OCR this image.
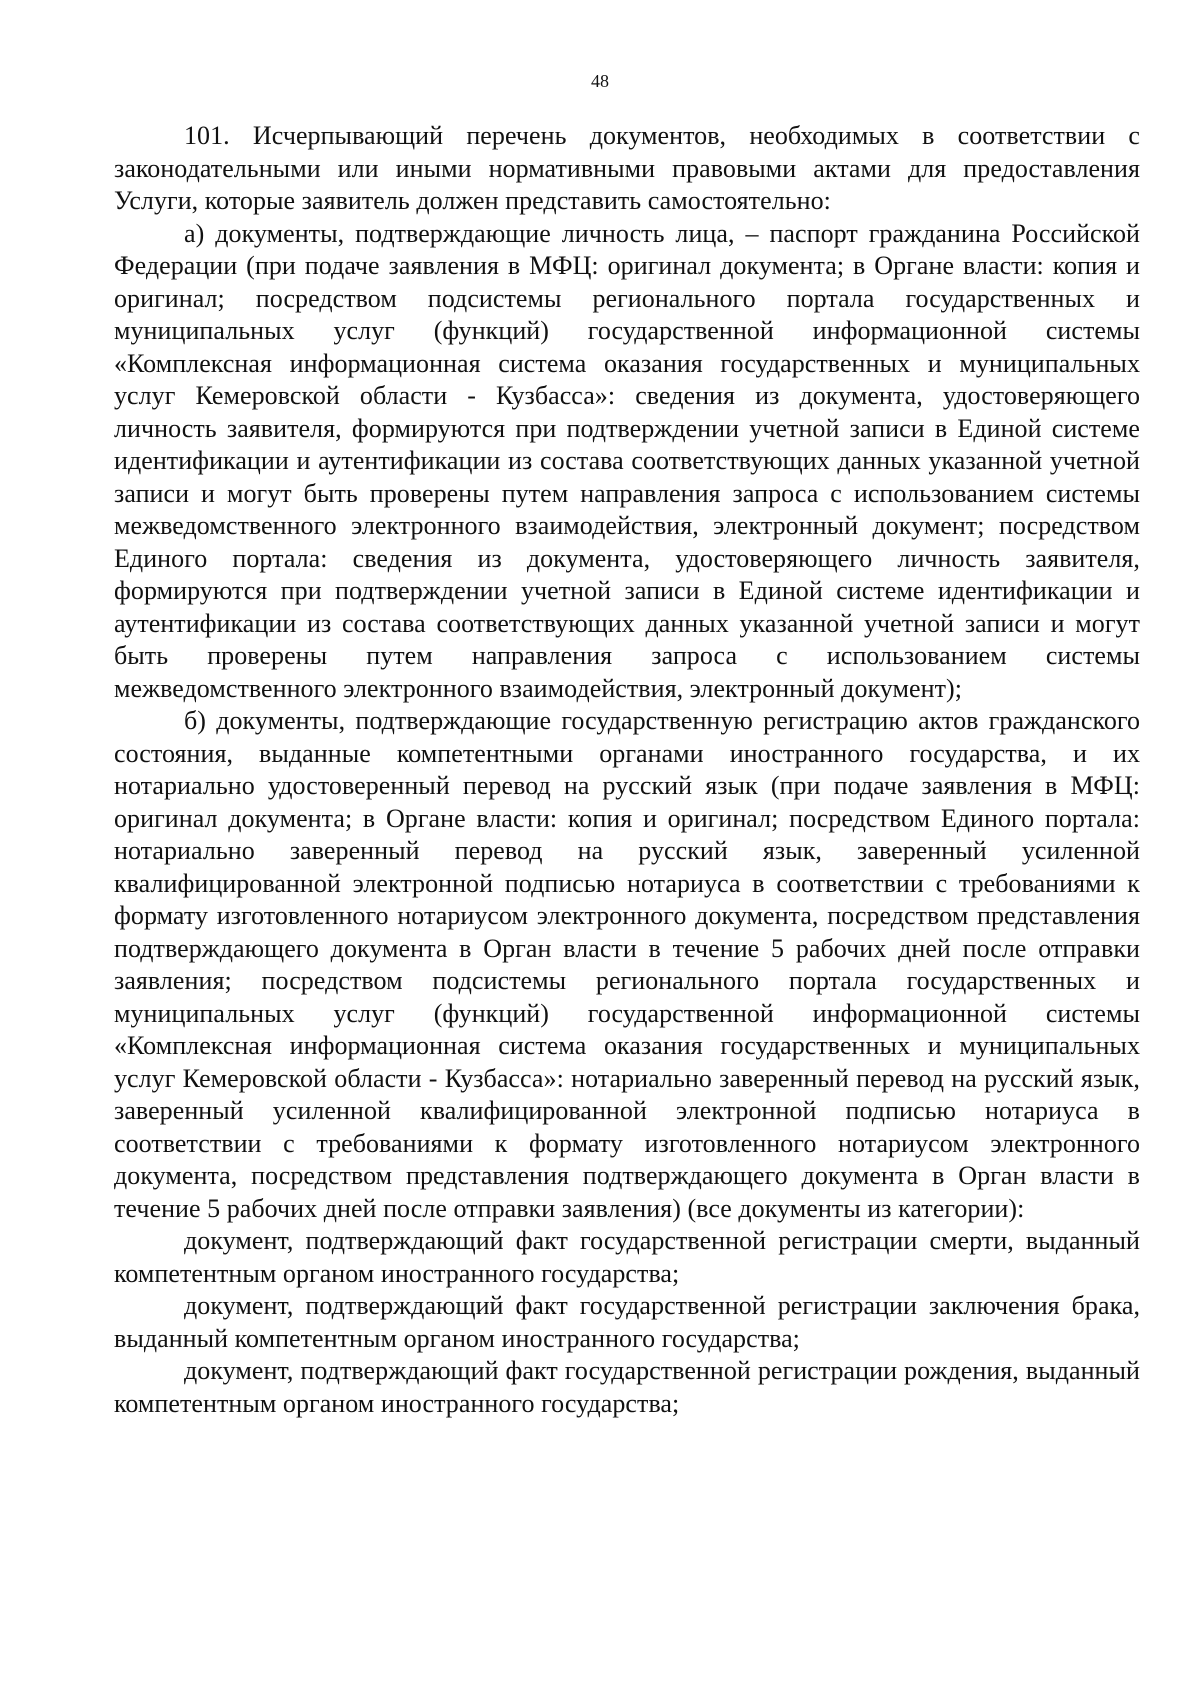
48

101. Исчерпывающий перечень документов, необходимых в соответствии с законодательными или иными нормативными правовыми актами для предоставления Услуги, которые заявитель должен представить самостоятельно:

а) документы, подтверждающие личность лица, – паспорт гражданина Российской Федерации (при подаче заявления в МФЦ: оригинал документа; в Органе власти: копия и оригинал; посредством подсистемы регионального портала государственных и муниципальных услуг (функций) государственной информационной системы «Комплексная информационная система оказания государственных и муниципальных услуг Кемеровской области - Кузбасса»: сведения из документа, удостоверяющего личность заявителя, формируются при подтверждении учетной записи в Единой системе идентификации и аутентификации из состава соответствующих данных указанной учетной записи и могут быть проверены путем направления запроса с использованием системы межведомственного электронного взаимодействия, электронный документ; посредством Единого портала: сведения из документа, удостоверяющего личность заявителя, формируются при подтверждении учетной записи в Единой системе идентификации и аутентификации из состава соответствующих данных указанной учетной записи и могут быть проверены путем направления запроса с использованием системы межведомственного электронного взаимодействия, электронный документ);

б) документы, подтверждающие государственную регистрацию актов гражданского состояния, выданные компетентными органами иностранного государства, и их нотариально удостоверенный перевод на русский язык (при подаче заявления в МФЦ: оригинал документа; в Органе власти: копия и оригинал; посредством Единого портала: нотариально заверенный перевод на русский язык, заверенный усиленной квалифицированной электронной подписью нотариуса в соответствии с требованиями к формату изготовленного нотариусом электронного документа, посредством представления подтверждающего документа в Орган власти в течение 5 рабочих дней после отправки заявления; посредством подсистемы регионального портала государственных и муниципальных услуг (функций) государственной информационной системы «Комплексная информационная система оказания государственных и муниципальных услуг Кемеровской области - Кузбасса»: нотариально заверенный перевод на русский язык, заверенный усиленной квалифицированной электронной подписью нотариуса в соответствии с требованиями к формату изготовленного нотариусом электронного документа, посредством представления подтверждающего документа в Орган власти в течение 5 рабочих дней после отправки заявления) (все документы из категории):

документ, подтверждающий факт государственной регистрации смерти, выданный компетентным органом иностранного государства;

документ, подтверждающий факт государственной регистрации заключения брака, выданный компетентным органом иностранного государства;

документ, подтверждающий факт государственной регистрации рождения, выданный компетентным органом иностранного государства;
